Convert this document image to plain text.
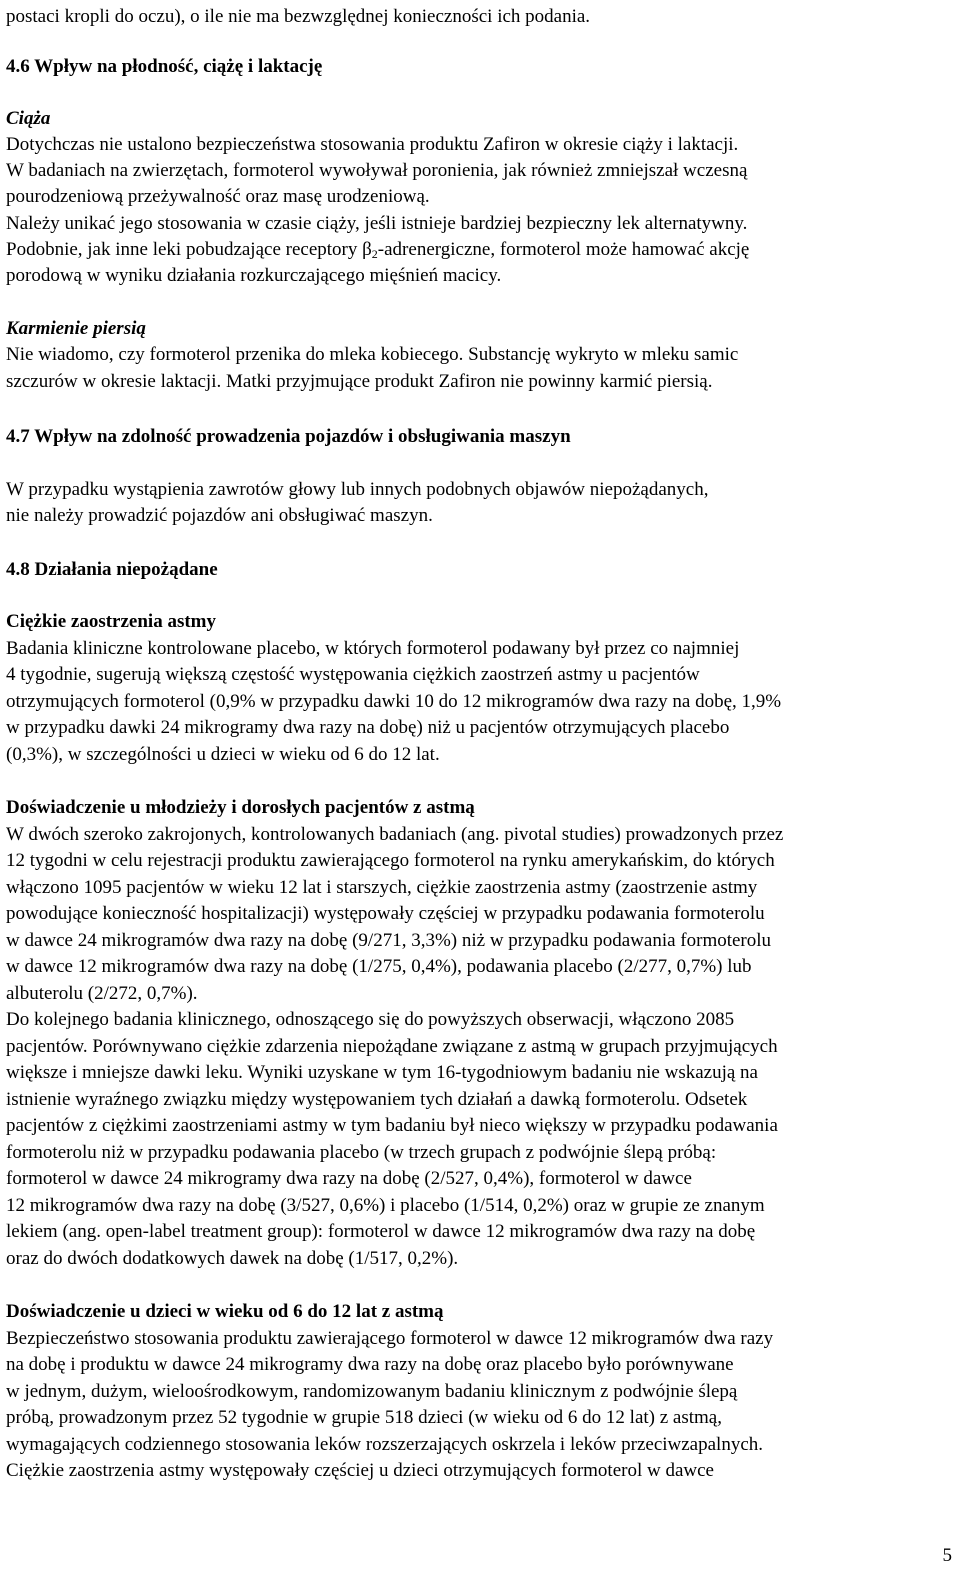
postaci kropli do oczu), o ile nie ma bezwzględnej konieczności ich podania.
4.6 Wpływ na płodność, ciążę i laktację
Ciąża
Dotychczas nie ustalono bezpieczeństwa stosowania produktu Zafiron w okresie ciąży i laktacji.
W badaniach na zwierzętach, formoterol wywoływał poronienia, jak również zmniejszał wczesną
pourodzeniową przeżywalność oraz masę urodzeniową.
Należy unikać jego stosowania w czasie ciąży, jeśli istnieje bardziej bezpieczny lek alternatywny.
Podobnie, jak inne leki pobudzające receptory $\beta_2$-adrenergiczne, formoterol może hamować akcję
porodową w wyniku działania rozkurczającego mięśnień macicy.
Karmienie piersią
Nie wiadomo, czy formoterol przenika do mleka kobiecego. Substancję wykryto w mleku samic
szczurów w okresie laktacji. Matki przyjmujące produkt Zafiron nie powinny karmić piersią.
4.7 Wpływ na zdolność prowadzenia pojazdów i obsługiwania maszyn
W przypadku wystąpienia zawrotów głowy lub innych podobnych objawów niepożądanych,
nie należy prowadzić pojazdów ani obsługiwać maszyn.
4.8 Działania niepożądane
Ciężkie zaostrzenia astmy
Badania kliniczne kontrolowane placebo, w których formoterol podawany był przez co najmniej
4 tygodnie, sugerują większą częstość występowania ciężkich zaostrzeń astmy u pacjentów
otrzymujących formoterol (0,9% w przypadku dawki 10 do 12 mikrogramów dwa razy na dobę, 1,9%
w przypadku dawki 24 mikrogramy dwa razy na dobę) niż u pacjentów otrzymujących placebo
(0,3%), w szczególności u dzieci w wieku od 6 do 12 lat.
Doświadczenie u młodzieży i dorosłych pacjentów z astmą
W dwóch szeroko zakrojonych, kontrolowanych badaniach (ang. pivotal studies) prowadzonych przez
12 tygodni w celu rejestracji produktu zawierającego formoterol na rynku amerykańskim, do których
włączono 1095 pacjentów w wieku 12 lat i starszych, ciężkie zaostrzenia astmy (zaostrzenie astmy
powodujące konieczność hospitalizacji) występowały częściej w przypadku podawania formoterolu
w dawce 24 mikrogramów dwa razy na dobę (9/271, 3,3%) niż w przypadku podawania formoterolu
w dawce 12 mikrogramów dwa razy na dobę (1/275, 0,4%), podawania placebo (2/277, 0,7%) lub
albuterolu (2/272, 0,7%).
Do kolejnego badania klinicznego, odnoszącego się do powyższych obserwacji, włączono 2085
pacjentów. Porównywano ciężkie zdarzenia niepożądane związane z astmą w grupach przyjmujących
większe i mniejsze dawki leku. Wyniki uzyskane w tym 16-tygodniowym badaniu nie wskazują na
istnienie wyraźnego związku między występowaniem tych działań a dawką formoterolu. Odsetek
pacjentów z ciężkimi zaostrzeniami astmy w tym badaniu był nieco większy w przypadku podawania
formoterolu niż w przypadku podawania placebo (w trzech grupach z podwójnie ślepą próbą:
formoterol w dawce 24 mikrogramy dwa razy na dobę (2/527, 0,4%), formoterol w dawce
12 mikrogramów dwa razy na dobę (3/527, 0,6%) i placebo (1/514, 0,2%) oraz w grupie ze znanym
lekiem (ang. open-label treatment group): formoterol w dawce 12 mikrogramów dwa razy na dobę
oraz do dwóch dodatkowych dawek na dobę (1/517, 0,2%).
Doświadczenie u dzieci w wieku od 6 do 12 lat z astmą
Bezpieczeństwo stosowania produktu zawierającego formoterol w dawce 12 mikrogramów dwa razy
na dobę i produktu w dawce 24 mikrogramy dwa razy na dobę oraz placebo było porównywane
w jednym, dużym, wieloośrodkowym, randomizowanym badaniu klinicznym z podwójnie ślepą
próbą, prowadzonym przez 52 tygodnie w grupie 518 dzieci (w wieku od 6 do 12 lat) z astmą,
wymagających codziennego stosowania leków rozszerzających oskrzela i leków przeciwzapalnych.
Ciężkie zaostrzenia astmy występowały częściej u dzieci otrzymujących formoterol w dawce
5
